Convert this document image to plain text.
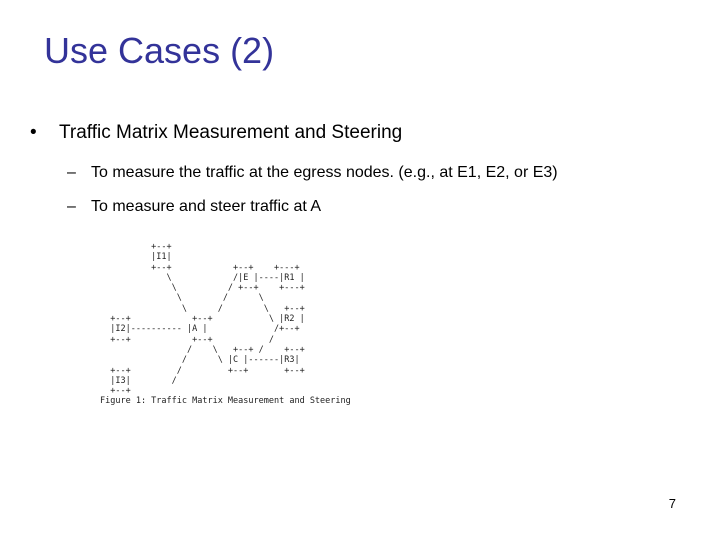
Use Cases (2)
• Traffic Matrix Measurement and Steering
– To measure the traffic at the egress nodes. (e.g., at E1, E2, or E3)
– To measure and steer traffic at A
+--+
|I1|
+--+            +--+    +---+
\            /|E |----|R1 |
\          / +--+    +---+
\        /      \
\      /        \   +--+
+--+            +--+           \ |R2 |
|I2|---------- |A |             /+--+
+--+            +--+           /
/    \   +--+ /    +--+
/      \ |C |------|R3|
+--+         /         +--+       +--+
|I3|        /
+--+
Figure 1: Traffic Matrix Measurement and Steering
7
